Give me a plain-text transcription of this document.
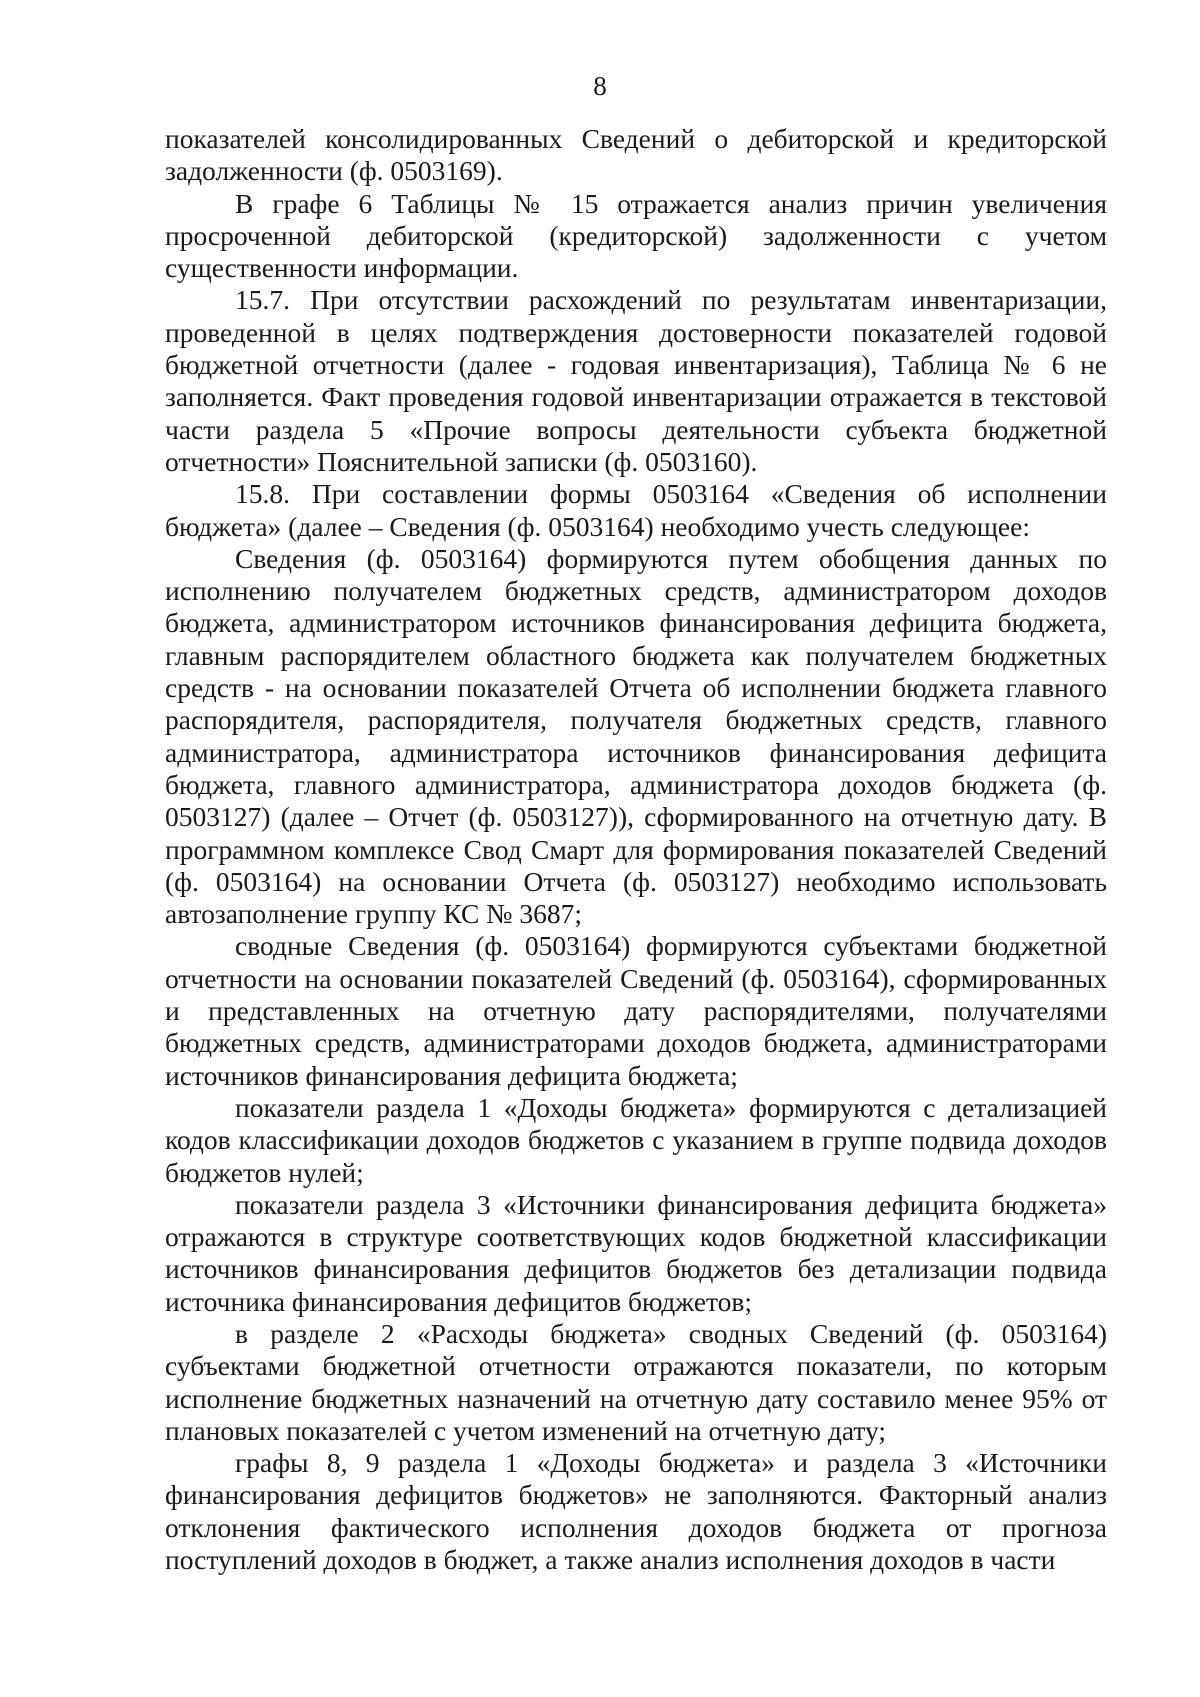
8

показателей консолидированных Сведений о дебиторской и кредиторской задолженности (ф. 0503169).

В графе 6 Таблицы № 15 отражается анализ причин увеличения просроченной дебиторской (кредиторской) задолженности с учетом существенности информации.

15.7. При отсутствии расхождений по результатам инвентаризации, проведенной в целях подтверждения достоверности показателей годовой бюджетной отчетности (далее - годовая инвентаризация), Таблица № 6 не заполняется. Факт проведения годовой инвентаризации отражается в текстовой части раздела 5 «Прочие вопросы деятельности субъекта бюджетной отчетности» Пояснительной записки (ф. 0503160).

15.8. При составлении формы 0503164 «Сведения об исполнении бюджета» (далее – Сведения (ф. 0503164) необходимо учесть следующее:

Сведения (ф. 0503164) формируются путем обобщения данных по исполнению получателем бюджетных средств, администратором доходов бюджета, администратором источников финансирования дефицита бюджета, главным распорядителем областного бюджета как получателем бюджетных средств - на основании показателей Отчета об исполнении бюджета главного распорядителя, распорядителя, получателя бюджетных средств, главного администратора, администратора источников финансирования дефицита бюджета, главного администратора, администратора доходов бюджета (ф. 0503127) (далее – Отчет (ф. 0503127)), сформированного на отчетную дату. В программном комплексе Свод Смарт для формирования показателей Сведений (ф. 0503164) на основании Отчета (ф. 0503127) необходимо использовать автозаполнение группу КС № 3687;

сводные Сведения (ф. 0503164) формируются субъектами бюджетной отчетности на основании показателей Сведений (ф. 0503164), сформированных и представленных на отчетную дату распорядителями, получателями бюджетных средств, администраторами доходов бюджета, администраторами источников финансирования дефицита бюджета;

показатели раздела 1 «Доходы бюджета» формируются с детализацией кодов классификации доходов бюджетов с указанием в группе подвида доходов бюджетов нулей;

показатели раздела 3 «Источники финансирования дефицита бюджета» отражаются в структуре соответствующих кодов бюджетной классификации источников финансирования дефицитов бюджетов без детализации подвида источника финансирования дефицитов бюджетов;

в разделе 2 «Расходы бюджета» сводных Сведений (ф. 0503164) субъектами бюджетной отчетности отражаются показатели, по которым исполнение бюджетных назначений на отчетную дату составило менее 95% от плановых показателей с учетом изменений на отчетную дату;

графы 8, 9 раздела 1 «Доходы бюджета» и раздела 3 «Источники финансирования дефицитов бюджетов» не заполняются. Факторный анализ отклонения фактического исполнения доходов бюджета от прогноза поступлений доходов в бюджет, а также анализ исполнения доходов в части
